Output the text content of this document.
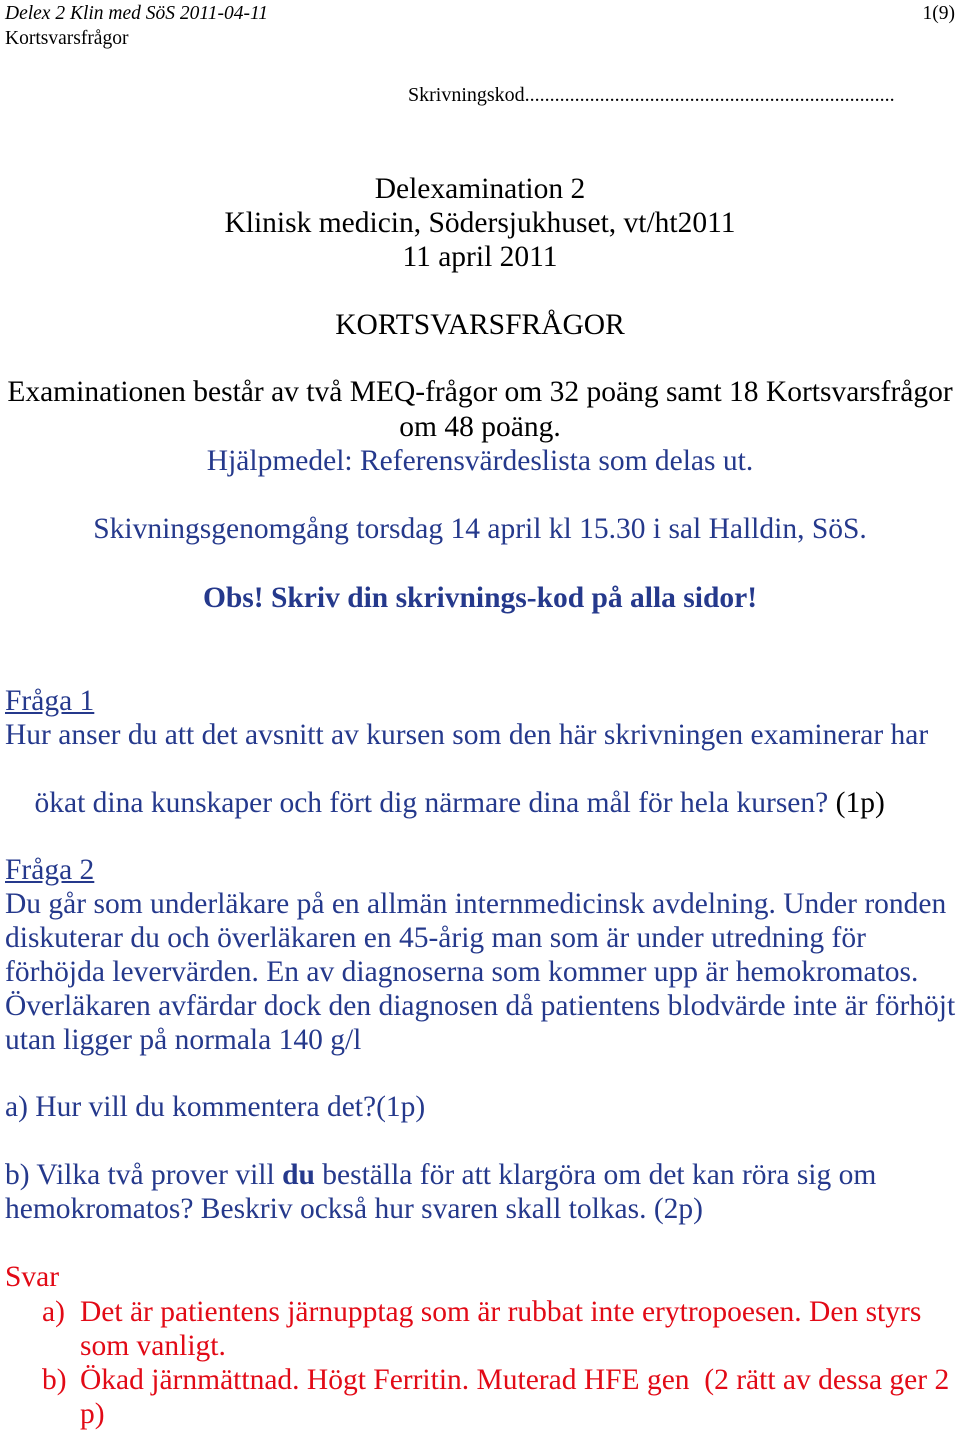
Delex 2 Klin med SöS 2011-04-11	1(9)
Kortsvarsfrågor
Skrivningskod..........................................................................
Delexamination 2
Klinisk medicin, Södersjukhuset, vt/ht2011
11 april 2011
KORTSVARSFRÅGOR
Examinationen består av två MEQ-frågor om 32 poäng samt 18 Kortsvarsfrågor
om 48 poäng.
Hjälpmedel: Referensvärdeslista som delas ut.
Skivningsgenomgång torsdag 14 april kl 15.30 i sal Halldin, SöS.
Obs! Skriv din skrivnings-kod på alla sidor!
Fråga 1
Hur anser du att det avsnitt av kursen som den här skrivningen examinerar har

ökat dina kunskaper och fört dig närmare dina mål för hela kursen? (1p)

Fråga 2
Du går som underläkare på en allmän internmedicinsk avdelning. Under ronden
diskuterar du och överläkaren en 45-årig man som är under utredning för
förhöjda levervärden. En av diagnoserna som kommer upp är hemokromatos.
Överläkaren avfärdar dock den diagnosen då patientens blodvärde inte är förhöjt
utan ligger på normala 140 g/l
a) Hur vill du kommentera det?(1p)
b) Vilka två prover vill du beställa för att klargöra om det kan röra sig om
hemokromatos? Beskriv också hur svaren skall tolkas. (2p)
Svar
a) Det är patientens järnupptag som är rubbat inte erytropoesen. Den styrs
som vanligt.
b) Ökad järnmättnad. Högt Ferritin. Muterad HFE gen  (2 rätt av dessa ger 2
p)
